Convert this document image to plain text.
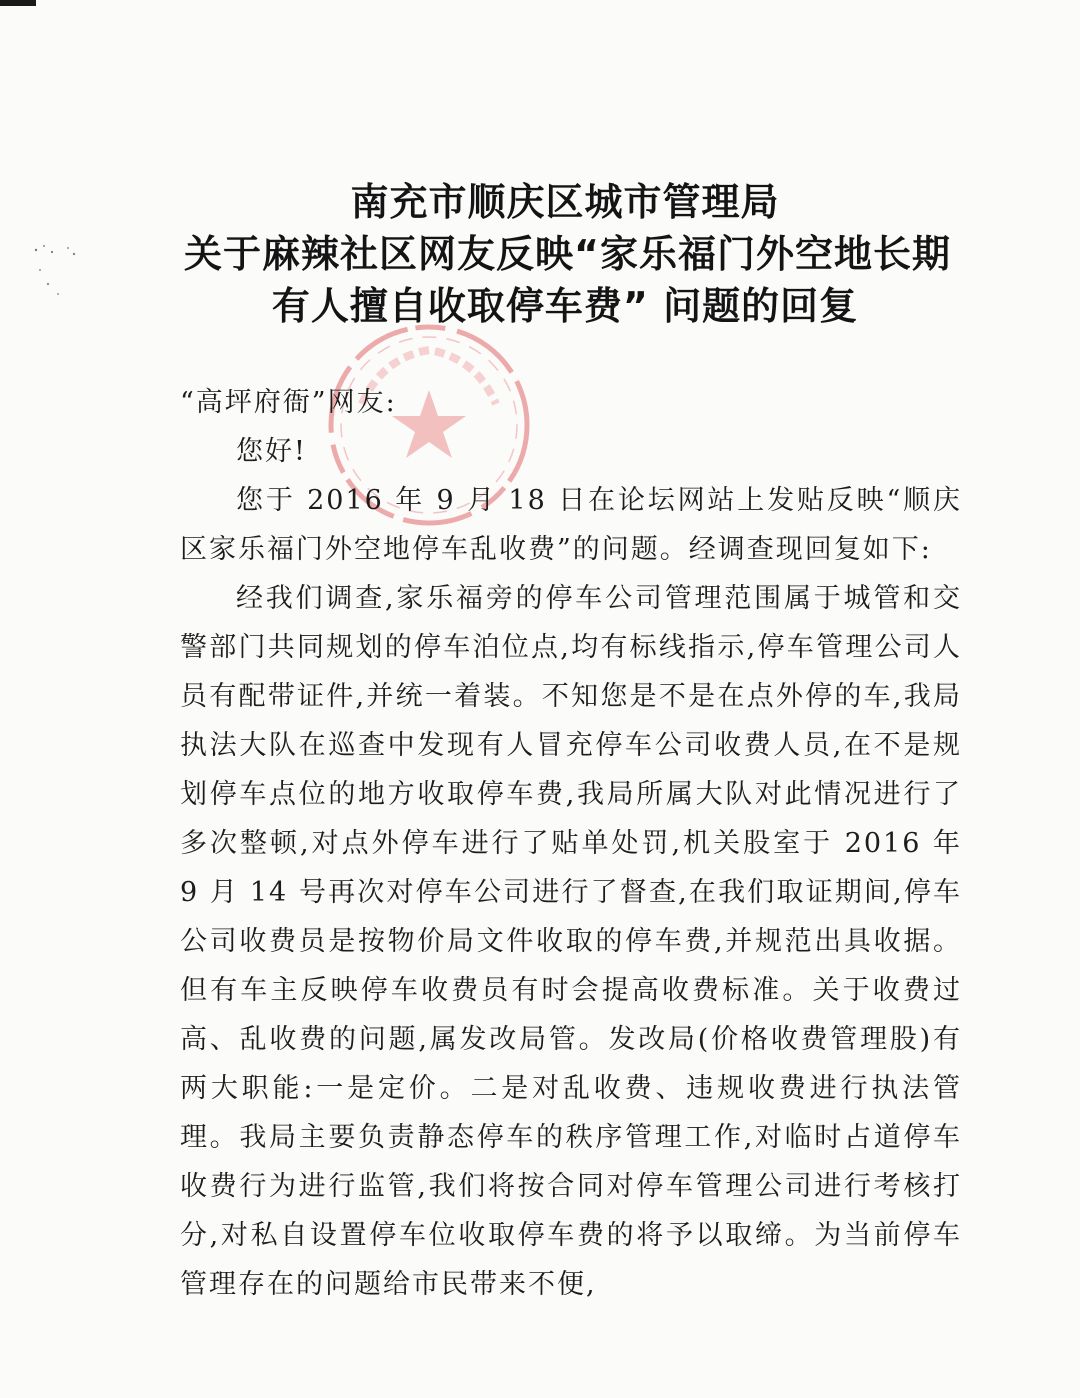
南充市顺庆区城市管理局
关于麻辣社区网友反映“家乐福门外空地长期
有人擅自收取停车费” 问题的回复

“高坪府衙”网友:

您好!

您于 2016 年 9 月 18 日在论坛网站上发贴反映“顺庆区家乐福门外空地停车乱收费”的问题。经调查现回复如下:

经我们调查,家乐福旁的停车公司管理范围属于城管和交警部门共同规划的停车泊位点,均有标线指示,停车管理公司人员有配带证件,并统一着装。不知您是不是在点外停的车,我局执法大队在巡查中发现有人冒充停车公司收费人员,在不是规划停车点位的地方收取停车费,我局所属大队对此情况进行了多次整顿,对点外停车进行了贴单处罚,机关股室于 2016 年 9 月 14 号再次对停车公司进行了督查,在我们取证期间,停车公司收费员是按物价局文件收取的停车费,并规范出具收据。但有车主反映停车收费员有时会提高收费标准。关于收费过高、乱收费的问题,属发改局管。发改局(价格收费管理股)有两大职能:一是定价。二是对乱收费、违规收费进行执法管理。我局主要负责静态停车的秩序管理工作,对临时占道停车收费行为进行监管,我们将按合同对停车管理公司进行考核打分,对私自设置停车位收取停车费的将予以取缔。为当前停车管理存在的问题给市民带来不便,
